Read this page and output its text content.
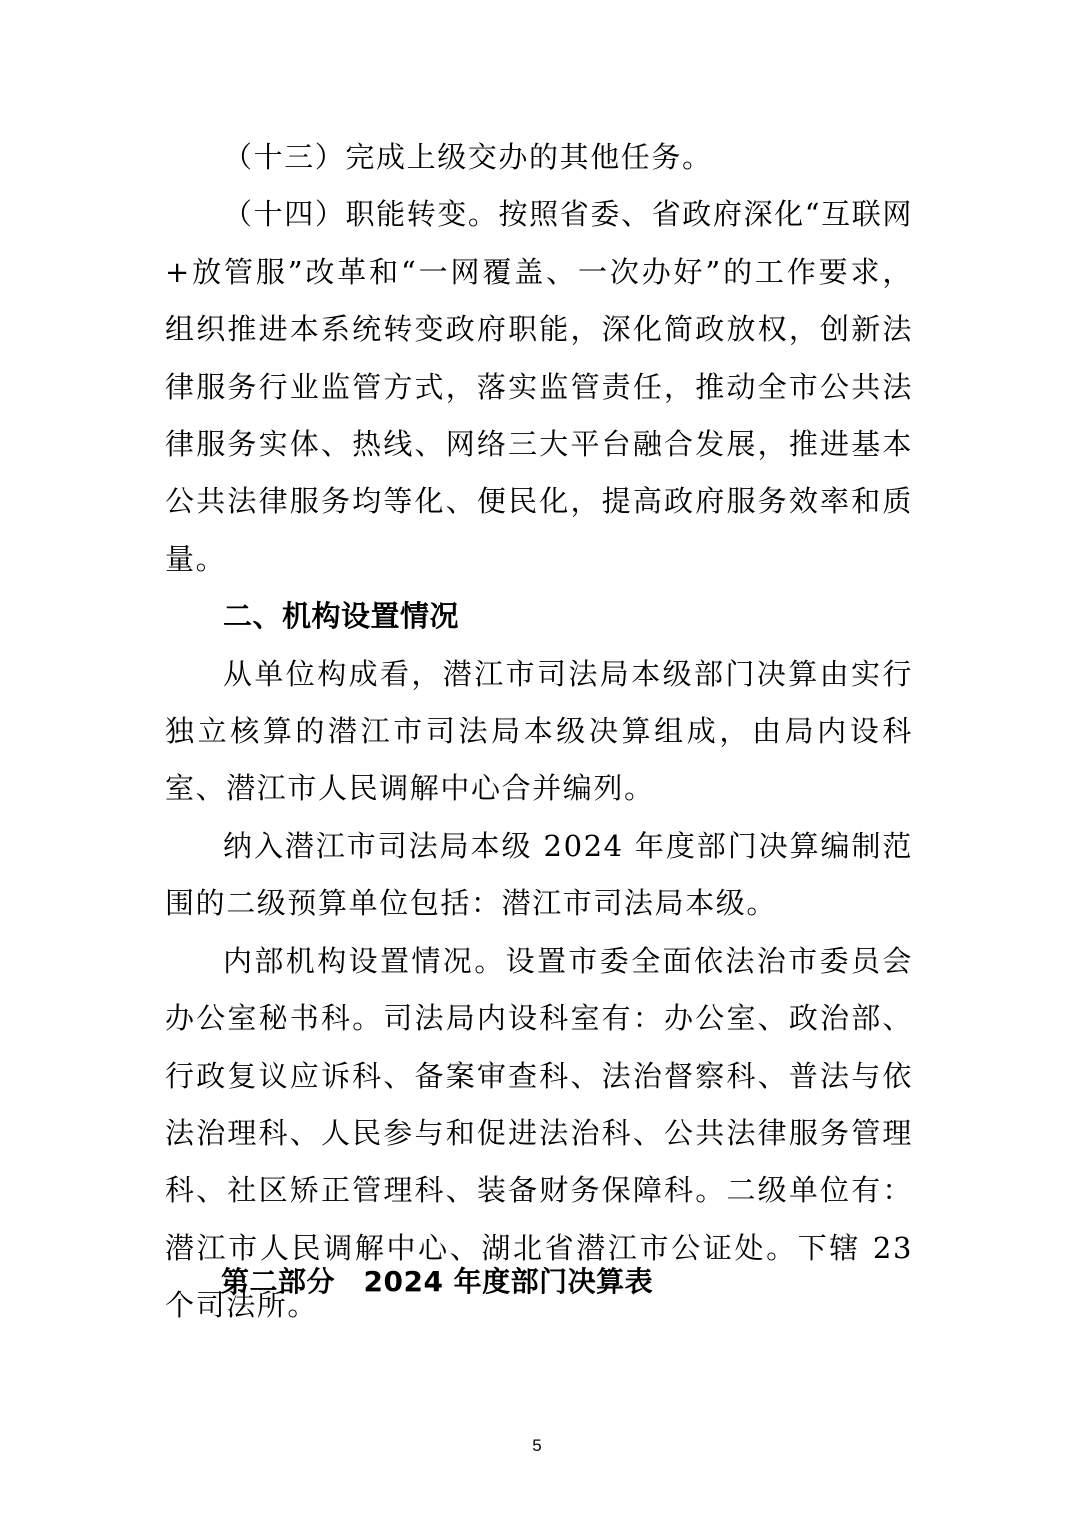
（十三）完成上级交办的其他任务。

（十四）职能转变。按照省委、省政府深化“互联网+放管服”改革和“一网覆盖、一次办好”的工作要求，组织推进本系统转变政府职能，深化简政放权，创新法律服务行业监管方式，落实监管责任，推动全市公共法律服务实体、热线、网络三大平台融合发展，推进基本公共法律服务均等化、便民化，提高政府服务效率和质量。

二、机构设置情况

从单位构成看，潜江市司法局本级部门决算由实行独立核算的潜江市司法局本级决算组成，由局内设科室、潜江市人民调解中心合并编列。

纳入潜江市司法局本级 2024 年度部门决算编制范围的二级预算单位包括：潜江市司法局本级。

内部机构设置情况。设置市委全面依法治市委员会办公室秘书科。司法局内设科室有：办公室、政治部、行政复议应诉科、备案审查科、法治督察科、普法与依法治理科、人民参与和促进法治科、公共法律服务管理科、社区矫正管理科、装备财务保障科。二级单位有：潜江市人民调解中心、湖北省潜江市公证处。下辖 23 个司法所。

第二部分　2024 年度部门决算表
5
